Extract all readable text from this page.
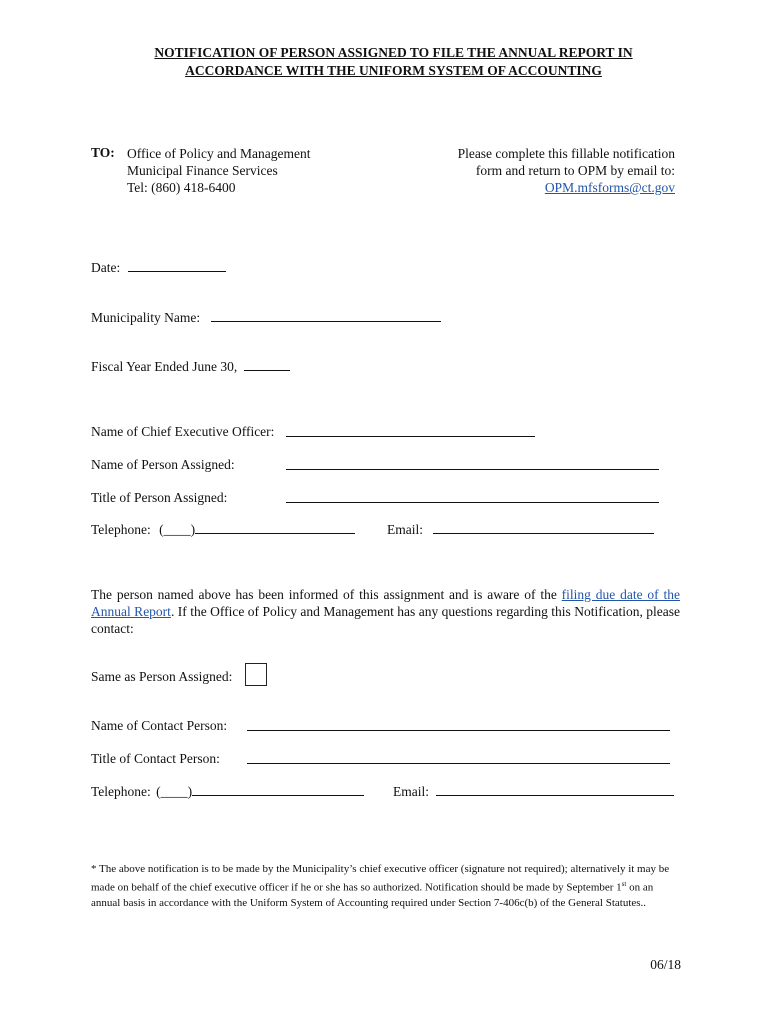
NOTIFICATION OF PERSON ASSIGNED TO FILE THE ANNUAL REPORT IN
ACCORDANCE WITH THE UNIFORM SYSTEM OF ACCOUNTING
TO: Office of Policy and Management
Municipal Finance Services
Tel: (860) 418-6400
Please complete this fillable notification
form and return to OPM by email to:
OPM.mfsforms@ct.gov
Date:
Municipality Name:
Fiscal Year Ended June 30,
Name of Chief Executive Officer:
Name of Person Assigned:
Title of Person Assigned:
Telephone: (____)	Email:
The person named above has been informed of this assignment and is aware of the filing due date of the Annual Report. If the Office of Policy and Management has any questions regarding this Notification, please contact:
Same as Person Assigned:
Name of Contact Person:
Title of Contact Person:
Telephone: (____)	Email:
* The above notification is to be made by the Municipality’s chief executive officer (signature not required); alternatively it may be made on behalf of the chief executive officer if he or she has so authorized. Notification should be made by September 1st on an annual basis in accordance with the Uniform System of Accounting required under Section 7-406c(b) of the General Statutes..
06/18
